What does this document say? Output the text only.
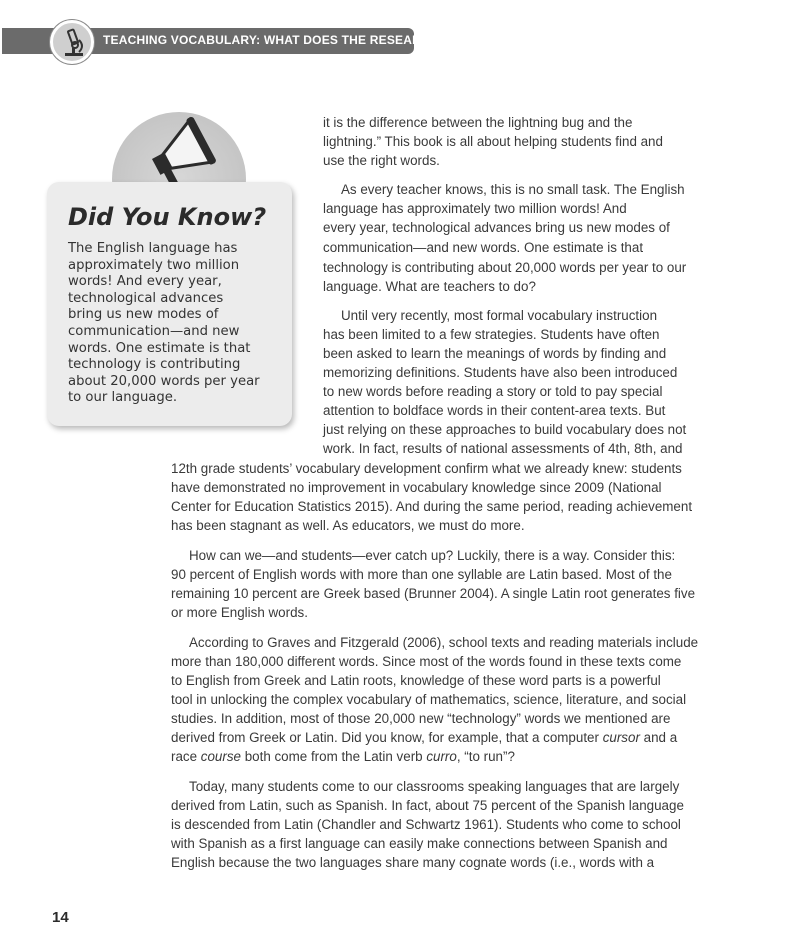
TEACHING VOCABULARY: WHAT DOES THE RESEARCH SAY?
Did You Know?
The English language has
approximately two million
words! And every year,
technological advances
bring us new modes of
communication—and new
words. One estimate is that
technology is contributing
about 20,000 words per year
to our language.
it is the difference between the lightning bug and the
lightning.” This book is all about helping students find and
use the right words.
As every teacher knows, this is no small task. The English
language has approximately two million words! And
every year, technological advances bring us new modes of
communication—and new words. One estimate is that
technology is contributing about 20,000 words per year to our
language. What are teachers to do?
Until very recently, most formal vocabulary instruction
has been limited to a few strategies. Students have often
been asked to learn the meanings of words by finding and
memorizing definitions. Students have also been introduced
to new words before reading a story or told to pay special
attention to boldface words in their content-area texts. But
just relying on these approaches to build vocabulary does not
work. In fact, results of national assessments of 4th, 8th, and
12th grade students’ vocabulary development confirm what we already knew: students
have demonstrated no improvement in vocabulary knowledge since 2009 (National
Center for Education Statistics 2015). And during the same period, reading achievement
has been stagnant as well. As educators, we must do more.
How can we—and students—ever catch up? Luckily, there is a way. Consider this:
90 percent of English words with more than one syllable are Latin based. Most of the
remaining 10 percent are Greek based (Brunner 2004). A single Latin root generates five
or more English words.
According to Graves and Fitzgerald (2006), school texts and reading materials include
more than 180,000 different words. Since most of the words found in these texts come
to English from Greek and Latin roots, knowledge of these word parts is a powerful
tool in unlocking the complex vocabulary of mathematics, science, literature, and social
studies. In addition, most of those 20,000 new “technology” words we mentioned are
derived from Greek or Latin. Did you know, for example, that a computer cursor and a
race course both come from the Latin verb curro, “to run”?
Today, many students come to our classrooms speaking languages that are largely
derived from Latin, such as Spanish. In fact, about 75 percent of the Spanish language
is descended from Latin (Chandler and Schwartz 1961). Students who come to school
with Spanish as a first language can easily make connections between Spanish and
English because the two languages share many cognate words (i.e., words with a
14
